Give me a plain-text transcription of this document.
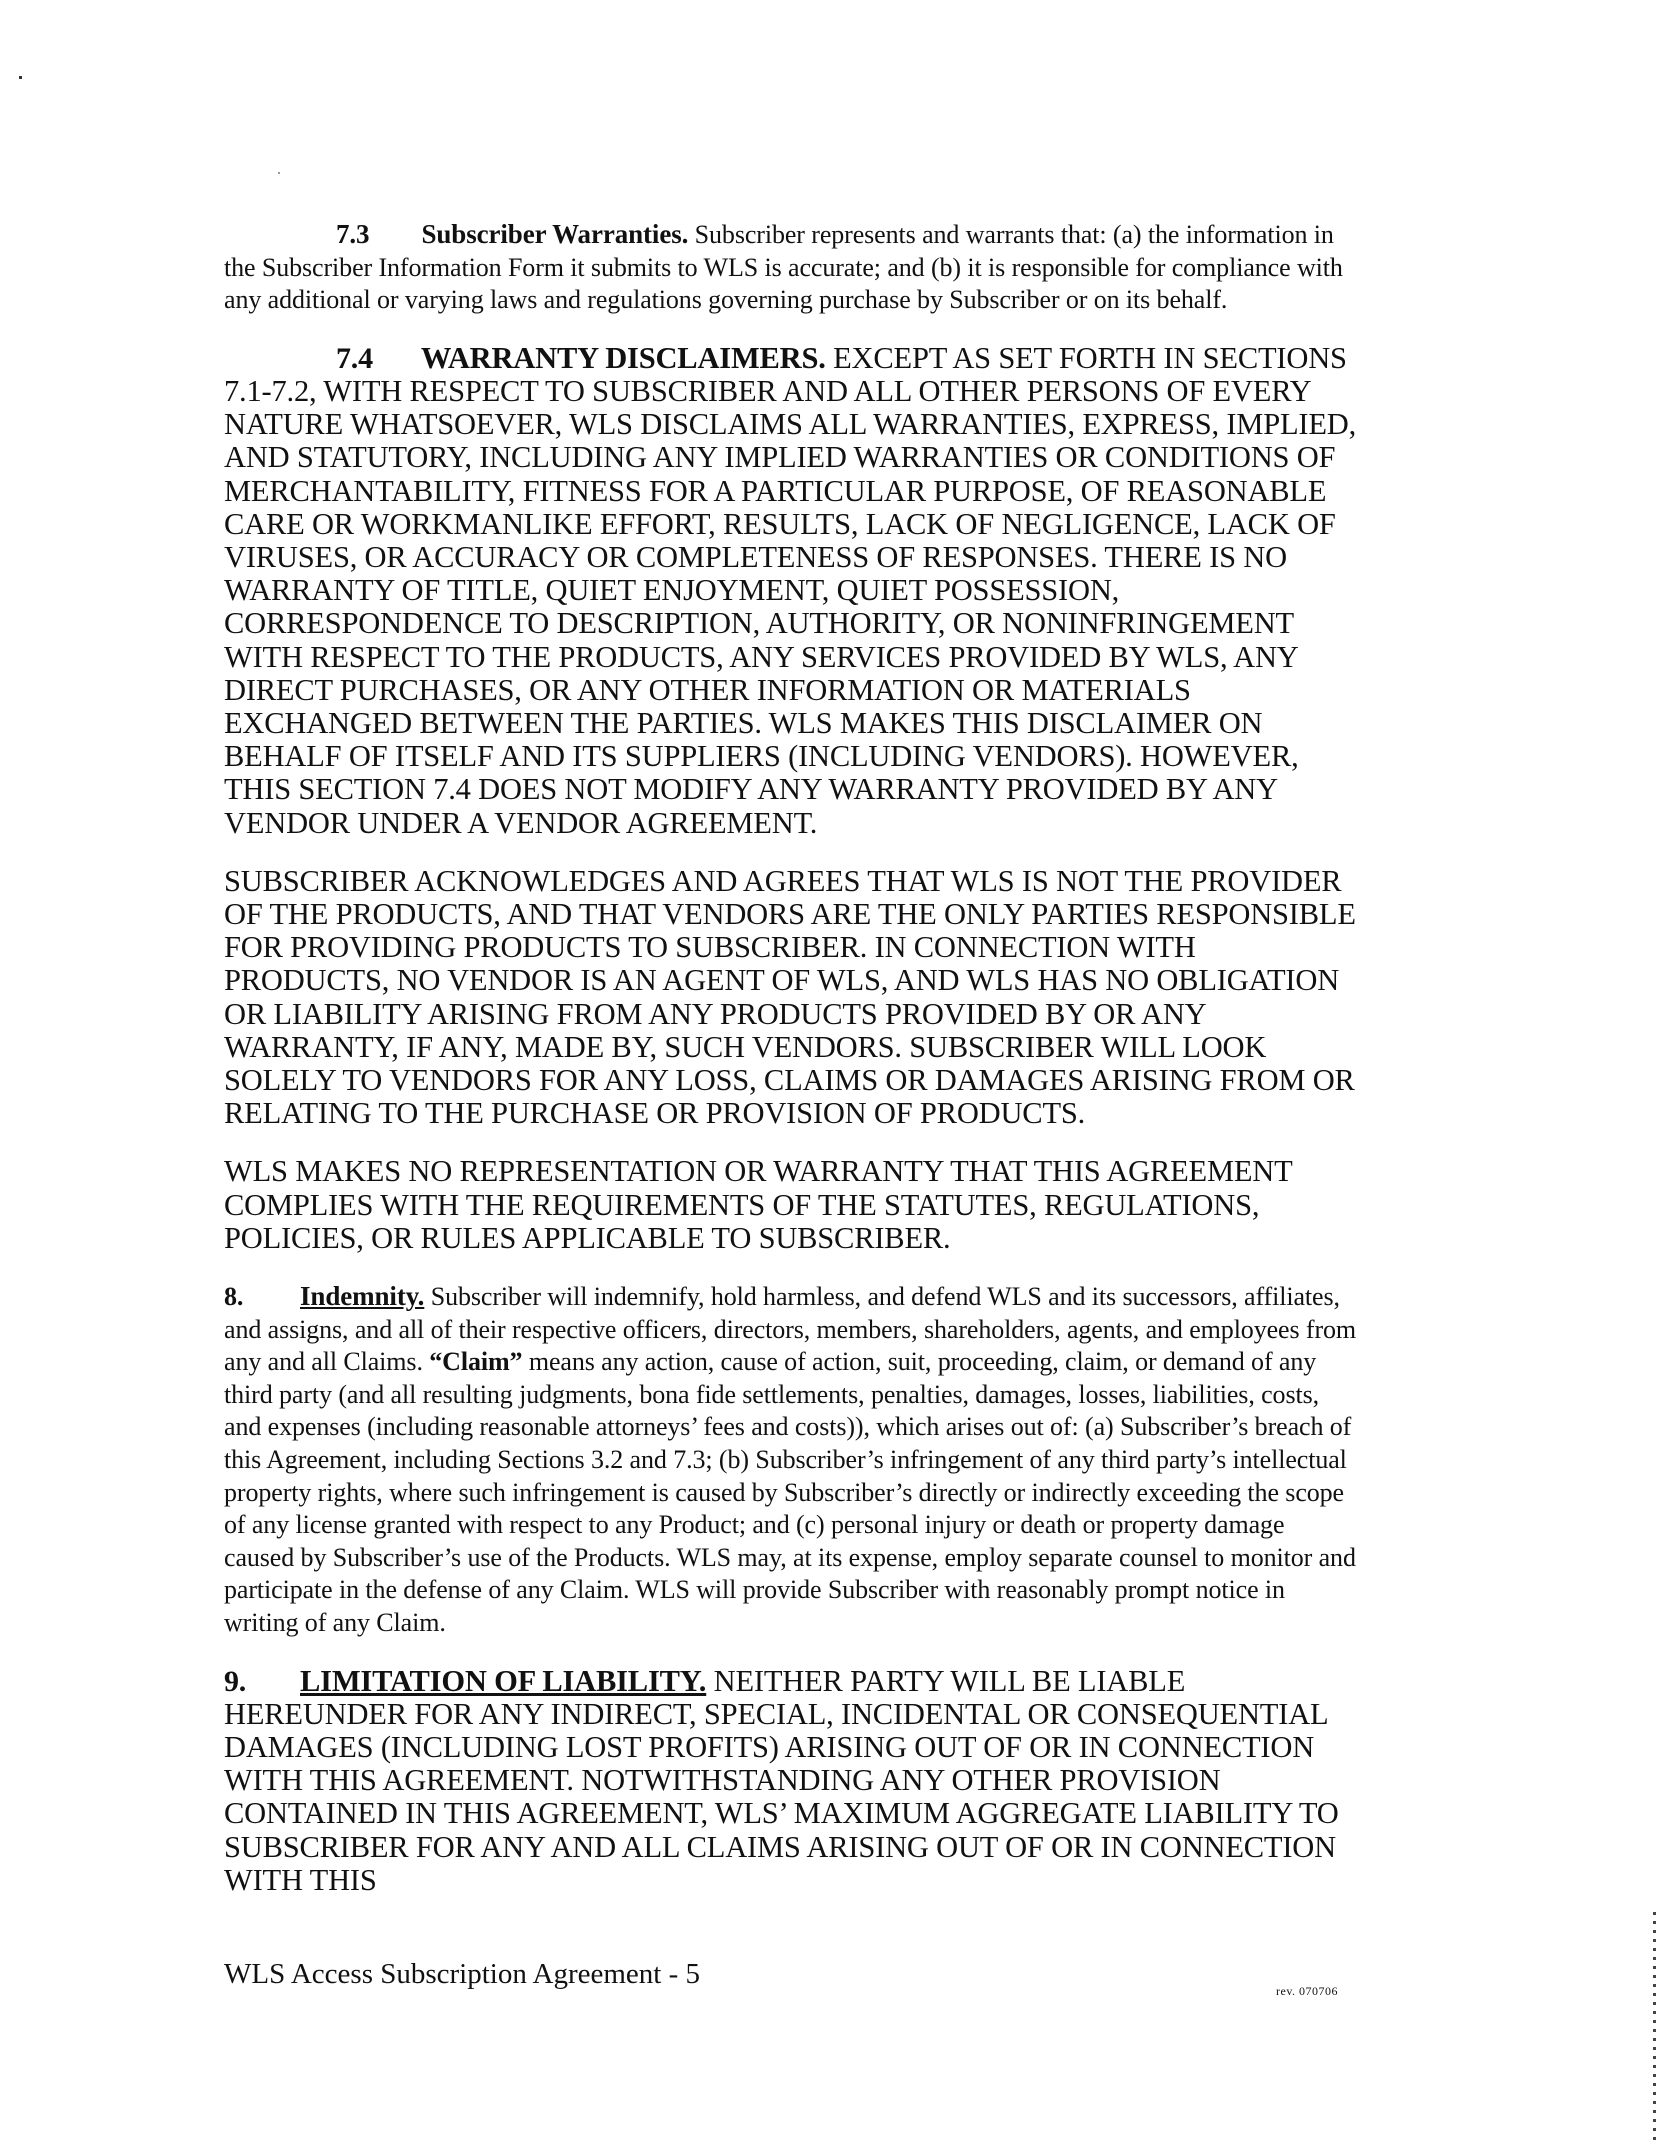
7.3 Subscriber Warranties. Subscriber represents and warrants that: (a) the information in the Subscriber Information Form it submits to WLS is accurate; and (b) it is responsible for compliance with any additional or varying laws and regulations governing purchase by Subscriber or on its behalf.

7.4 WARRANTY DISCLAIMERS. EXCEPT AS SET FORTH IN SECTIONS 7.1-7.2, WITH RESPECT TO SUBSCRIBER AND ALL OTHER PERSONS OF EVERY NATURE WHATSOEVER, WLS DISCLAIMS ALL WARRANTIES, EXPRESS, IMPLIED, AND STATUTORY, INCLUDING ANY IMPLIED WARRANTIES OR CONDITIONS OF MERCHANTABILITY, FITNESS FOR A PARTICULAR PURPOSE, OF REASONABLE CARE OR WORKMANLIKE EFFORT, RESULTS, LACK OF NEGLIGENCE, LACK OF VIRUSES, OR ACCURACY OR COMPLETENESS OF RESPONSES. THERE IS NO WARRANTY OF TITLE, QUIET ENJOYMENT, QUIET POSSESSION, CORRESPONDENCE TO DESCRIPTION, AUTHORITY, OR NONINFRINGEMENT WITH RESPECT TO THE PRODUCTS, ANY SERVICES PROVIDED BY WLS, ANY DIRECT PURCHASES, OR ANY OTHER INFORMATION OR MATERIALS EXCHANGED BETWEEN THE PARTIES. WLS MAKES THIS DISCLAIMER ON BEHALF OF ITSELF AND ITS SUPPLIERS (INCLUDING VENDORS). HOWEVER, THIS SECTION 7.4 DOES NOT MODIFY ANY WARRANTY PROVIDED BY ANY VENDOR UNDER A VENDOR AGREEMENT.

SUBSCRIBER ACKNOWLEDGES AND AGREES THAT WLS IS NOT THE PROVIDER OF THE PRODUCTS, AND THAT VENDORS ARE THE ONLY PARTIES RESPONSIBLE FOR PROVIDING PRODUCTS TO SUBSCRIBER. IN CONNECTION WITH PRODUCTS, NO VENDOR IS AN AGENT OF WLS, AND WLS HAS NO OBLIGATION OR LIABILITY ARISING FROM ANY PRODUCTS PROVIDED BY OR ANY WARRANTY, IF ANY, MADE BY, SUCH VENDORS. SUBSCRIBER WILL LOOK SOLELY TO VENDORS FOR ANY LOSS, CLAIMS OR DAMAGES ARISING FROM OR RELATING TO THE PURCHASE OR PROVISION OF PRODUCTS.

WLS MAKES NO REPRESENTATION OR WARRANTY THAT THIS AGREEMENT COMPLIES WITH THE REQUIREMENTS OF THE STATUTES, REGULATIONS, POLICIES, OR RULES APPLICABLE TO SUBSCRIBER.

8. Indemnity. Subscriber will indemnify, hold harmless, and defend WLS and its successors, affiliates, and assigns, and all of their respective officers, directors, members, shareholders, agents, and employees from any and all Claims. “Claim” means any action, cause of action, suit, proceeding, claim, or demand of any third party (and all resulting judgments, bona fide settlements, penalties, damages, losses, liabilities, costs, and expenses (including reasonable attorneys’ fees and costs)), which arises out of: (a) Subscriber’s breach of this Agreement, including Sections 3.2 and 7.3; (b) Subscriber’s infringement of any third party’s intellectual property rights, where such infringement is caused by Subscriber’s directly or indirectly exceeding the scope of any license granted with respect to any Product; and (c) personal injury or death or property damage caused by Subscriber’s use of the Products. WLS may, at its expense, employ separate counsel to monitor and participate in the defense of any Claim. WLS will provide Subscriber with reasonably prompt notice in writing of any Claim.

9. LIMITATION OF LIABILITY. NEITHER PARTY WILL BE LIABLE HEREUNDER FOR ANY INDIRECT, SPECIAL, INCIDENTAL OR CONSEQUENTIAL DAMAGES (INCLUDING LOST PROFITS) ARISING OUT OF OR IN CONNECTION WITH THIS AGREEMENT. NOTWITHSTANDING ANY OTHER PROVISION CONTAINED IN THIS AGREEMENT, WLS’ MAXIMUM AGGREGATE LIABILITY TO SUBSCRIBER FOR ANY AND ALL CLAIMS ARISING OUT OF OR IN CONNECTION WITH THIS

WLS Access Subscription Agreement - 5
rev. 070706
